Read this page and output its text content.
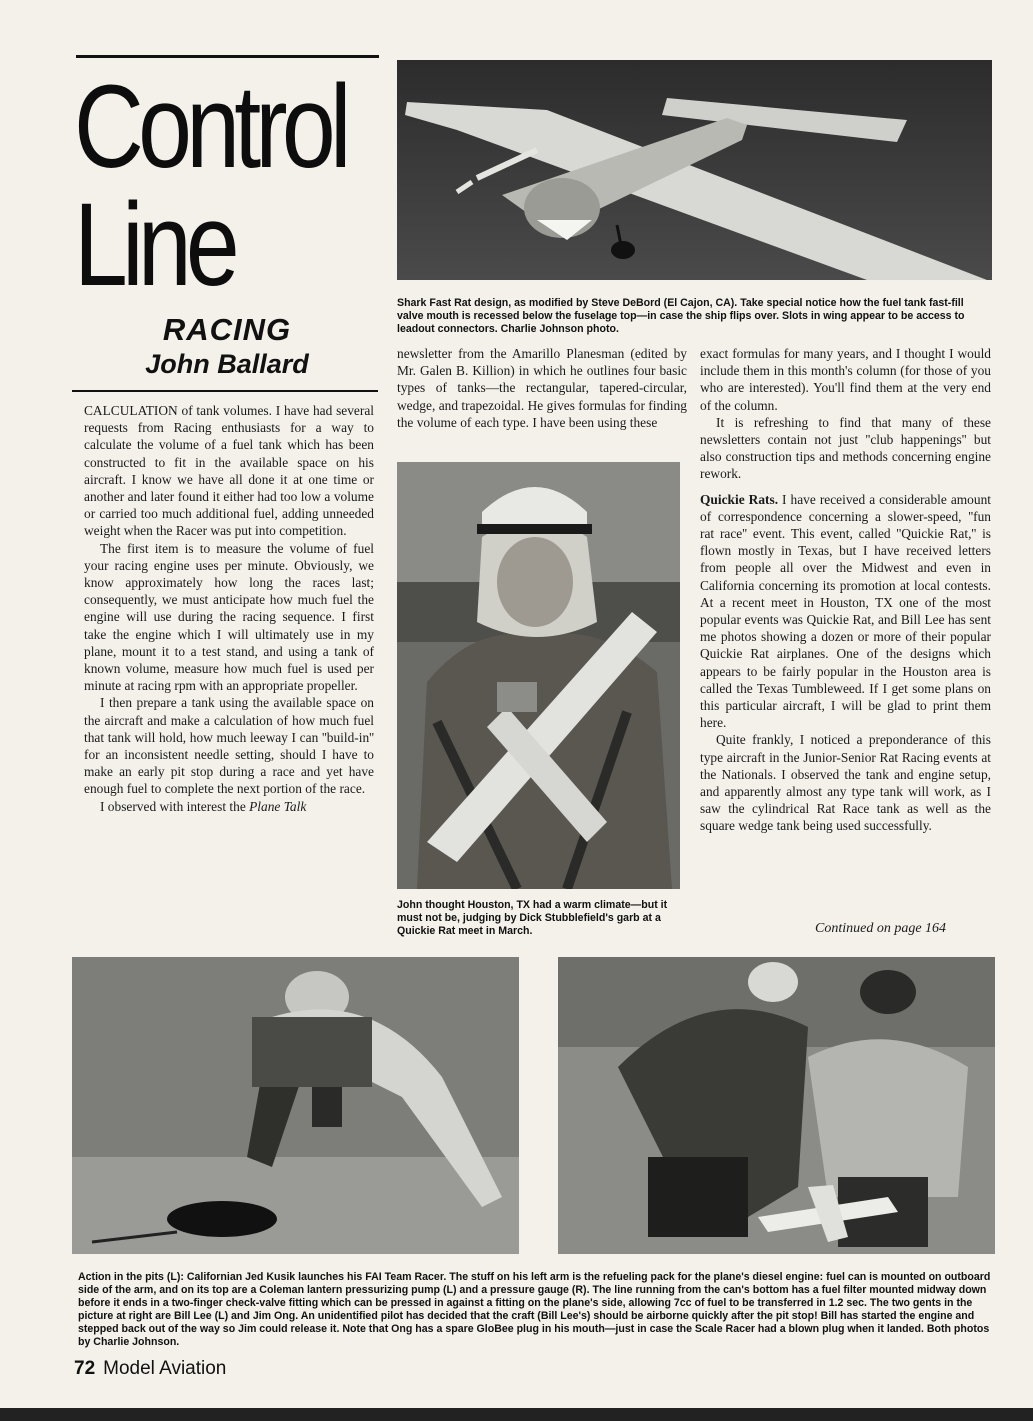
Control
Line
RACING
John Ballard
Shark Fast Rat design, as modified by Steve DeBord (El Cajon, CA). Take special notice how the fuel tank fast-fill valve mouth is recessed below the fuselage top—in case the ship flips over. Slots in wing appear to be access to leadout connectors. Charlie Johnson photo.

CALCULATION of tank volumes. I have had several requests from Racing enthusiasts for a way to calculate the volume of a fuel tank which has been constructed to fit in the available space on his aircraft. I know we have all done it at one time or another and later found it either had too low a volume or carried too much additional fuel, adding unneeded weight when the Racer was put into competition.

The first item is to measure the volume of fuel your racing engine uses per minute. Obviously, we know approximately how long the races last; consequently, we must anticipate how much fuel the engine will use during the racing sequence. I first take the engine which I will ultimately use in my plane, mount it to a test stand, and using a tank of known volume, measure how much fuel is used per minute at racing rpm with an appropriate propeller.

I then prepare a tank using the available space on the aircraft and make a calculation of how much fuel that tank will hold, how much leeway I can ''build-in'' for an inconsistent needle setting, should I have to make an early pit stop during a race and yet have enough fuel to complete the next portion of the race.

I observed with interest the Plane Talk

newsletter from the Amarillo Planesman (edited by Mr. Galen B. Killion) in which he outlines four basic types of tanks—the rectangular, tapered-circular, wedge, and trapezoidal. He gives formulas for finding the volume of each type. I have been using these

John thought Houston, TX had a warm climate—but it must not be, judging by Dick Stubblefield's garb at a Quickie Rat meet in March.

exact formulas for many years, and I thought I would include them in this month's column (for those of you who are interested). You'll find them at the very end of the column.

It is refreshing to find that many of these newsletters contain not just ''club happenings'' but also construction tips and methods concerning engine rework.

Quickie Rats. I have received a considerable amount of correspondence concerning a slower-speed, ''fun rat race'' event. This event, called ''Quickie Rat,'' is flown mostly in Texas, but I have received letters from people all over the Midwest and even in California concerning its promotion at local contests. At a recent meet in Houston, TX one of the most popular events was Quickie Rat, and Bill Lee has sent me photos showing a dozen or more of their popular Quickie Rat airplanes. One of the designs which appears to be fairly popular in the Houston area is called the Texas Tumbleweed. If I get some plans on this particular aircraft, I will be glad to print them here.

Quite frankly, I noticed a preponderance of this type aircraft in the Junior-Senior Rat Racing events at the Nationals. I observed the tank and engine setup, and apparently almost any type tank will work, as I saw the cylindrical Rat Race tank as well as the square wedge tank being used successfully.

Continued on page 164
Action in the pits (L): Californian Jed Kusik launches his FAI Team Racer. The stuff on his left arm is the refueling pack for the plane's diesel engine: fuel can is mounted on outboard side of the arm, and on its top are a Coleman lantern pressurizing pump (L) and a pressure gauge (R). The line running from the can's bottom has a fuel filter mounted midway down before it ends in a two-finger check-valve fitting which can be pressed in against a fitting on the plane's side, allowing 7cc of fuel to be transferred in 1.2 sec. The two gents in the picture at right are Bill Lee (L) and Jim Ong. An unidentified pilot has decided that the craft (Bill Lee's) should be airborne quickly after the pit stop! Bill has started the engine and stepped back out of the way so Jim could release it. Note that Ong has a spare GloBee plug in his mouth—just in case the Scale Racer had a blown plug when it landed. Both photos by Charlie Johnson.
72 Model Aviation
